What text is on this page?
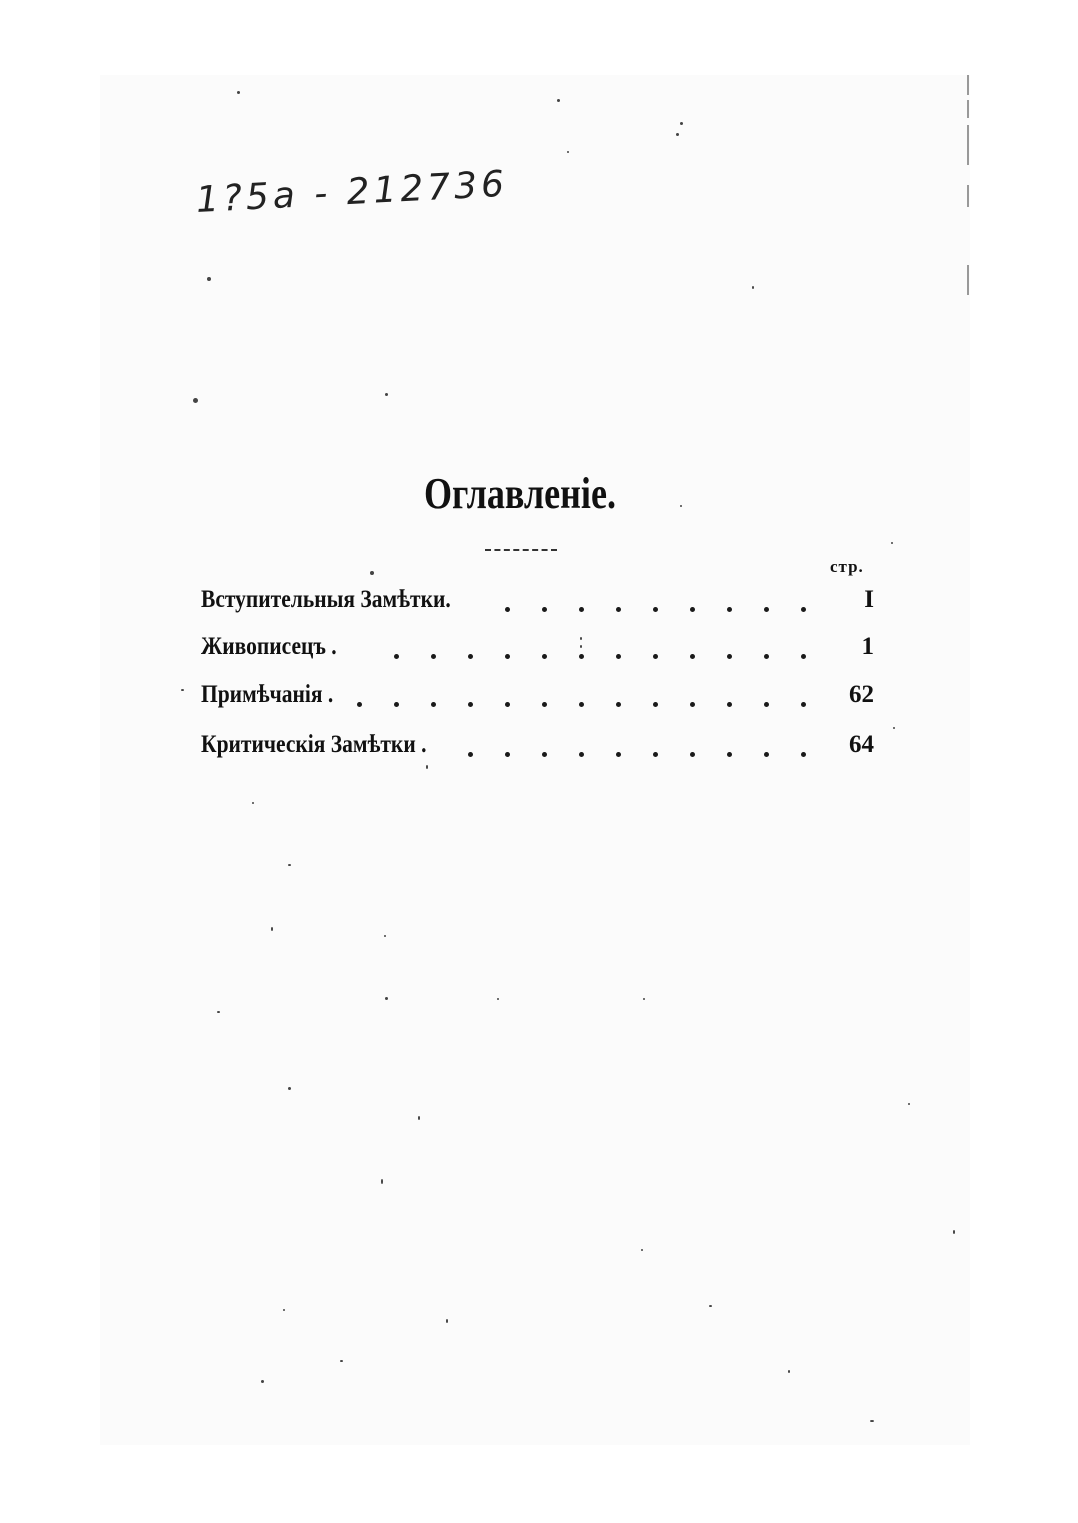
1?5a - 212736
Оглавленіе.
стр.
Вступительныя Замѣтки.	I
Живописецъ .	1
Примѣчанія .	62
Критическія Замѣтки .	64
